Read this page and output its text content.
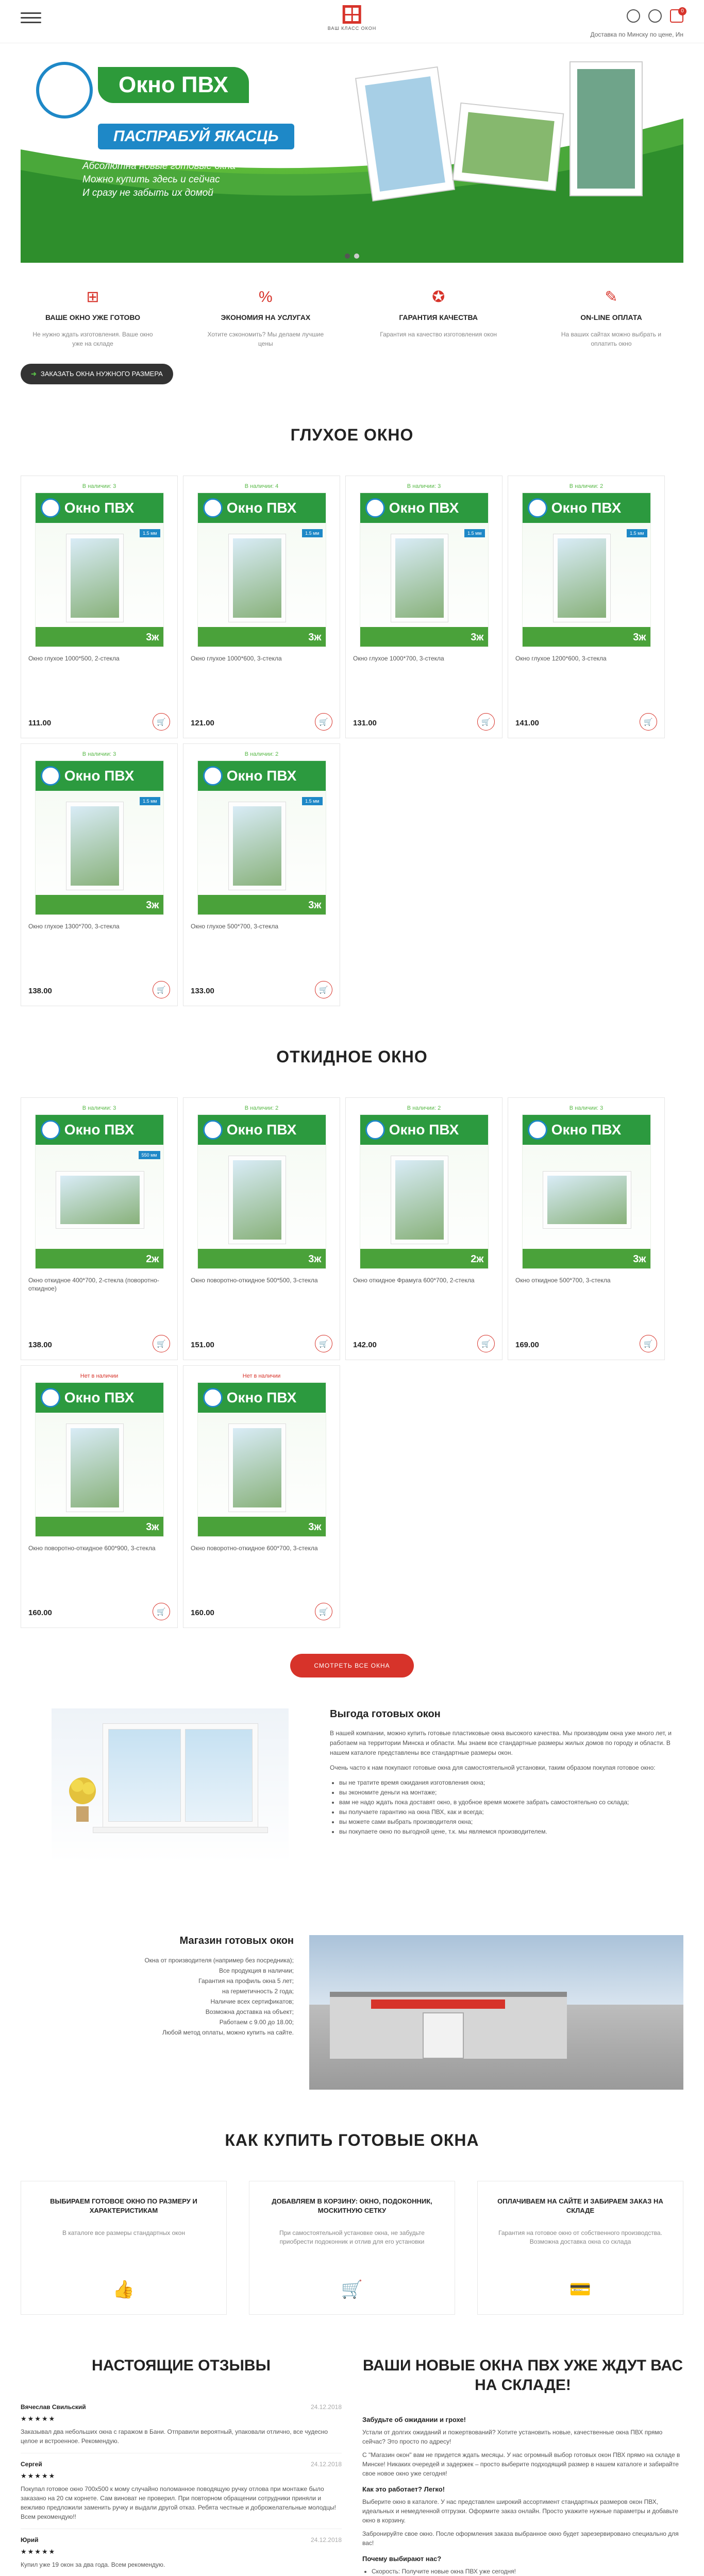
ВАШ КЛАСС ОКОН
0
Доставка по Минску по цене, Ин
Окно ПВХ
ПАСПРАБУЙ ЯКАСЦЬ
Абсолютна новые готовые окна
Можно купить здесь и сейчас
И сразу не забыть их домой
⊞
ВАШЕ ОКНО УЖЕ ГОТОВО

Не нужно ждать изготовления. Ваше окно уже на складе

%
ЭКОНОМИЯ НА УСЛУГАХ

Хотите сэкономить? Мы делаем лучшие цены

✪
ГАРАНТИЯ КАЧЕСТВА

Гарантия на качество изготовления окон

✎
ON-LINE ОПЛАТА

На ваших сайтах можно выбрать и оплатить окно

➜ ЗАКАЗАТЬ ОКНА НУЖНОГО РАЗМЕРА
ГЛУХОЕ ОКНО
В наличии: 3
Окно ПВХ
1.5 мм
3ж
Окно глухое 1000*500, 2-стекла
111.00	🛒
В наличии: 4
Окно ПВХ
1.5 мм
3ж
Окно глухое 1000*600, 3-стекла
121.00	🛒
В наличии: 3
Окно ПВХ
1.5 мм
3ж
Окно глухое 1000*700, 3-стекла
131.00	🛒
В наличии: 2
Окно ПВХ
1.5 мм
3ж
Окно глухое 1200*600, 3-стекла
141.00	🛒
В наличии: 3
Окно ПВХ
1.5 мм
3ж
Окно глухое 1300*700, 3-стекла
138.00	🛒
В наличии: 2
Окно ПВХ
1.5 мм
3ж
Окно глухое 500*700, 3-стекла
133.00	🛒
ОТКИДНОЕ ОКНО
В наличии: 3
Окно ПВХ
550 мм
2ж
Окно откидное 400*700, 2-стекла (поворотно-откидное)
138.00	🛒
В наличии: 2
Окно ПВХ
3ж
Окно поворотно-откидное 500*500, 3-стекла
151.00	🛒
В наличии: 2
Окно ПВХ
2ж
Окно откидное Фрамуга 600*700, 2-стекла
142.00	🛒
В наличии: 3
Окно ПВХ
3ж
Окно откидное 500*700, 3-стекла
169.00	🛒
Нет в наличии
Окно ПВХ
3ж
Окно поворотно-откидное 600*900, 3-стекла
160.00	🛒
Нет в наличии
Окно ПВХ
3ж
Окно поворотно-откидное 600*700, 3-стекла
160.00	🛒
СМОТРЕТЬ ВСЕ ОКНА
Выгода готовых окон

В нашей компании, можно купить готовые пластиковые окна высокого качества. Мы производим окна уже много лет, и работаем на территории Минска и области. Мы знаем все стандартные размеры жилых домов по городу и области. В нашем каталоге представлены все стандартные размеры окон.

Очень часто к нам покупают готовые окна для самостоятельной установки, таким образом покупая готовое окно:

• вы не тратите время ожидания изготовления окна;
• вы экономите деньги на монтаже;
• вам не надо ждать пока доставят окно, в удобное время можете забрать самостоятельно со склада;
• вы получаете гарантию на окна ПВХ, как и всегда;
• вы можете сами выбрать производителя окна;
• вы покупаете окно по выгодной цене, т.к. мы являемся производителем.
Магазин готовых окон

Окна от производителя (например без посредника);

Все продукция в наличии;

Гарантия на профиль окна 5 лет;

на герметичность 2 года;

Наличие всех сертификатов;

Возможна доставка на объект;

Работаем с 9.00 до 18.00;

Любой метод оплаты, можно купить на сайте.

КАК КУПИТЬ ГОТОВЫЕ ОКНА
ВЫБИРАЕМ ГОТОВОЕ ОКНО ПО РАЗМЕРУ И ХАРАКТЕРИСТИКАМ

В каталоге все размеры стандартных окон

👍
ДОБАВЛЯЕМ В КОРЗИНУ: ОКНО, ПОДОКОННИК, МОСКИТНУЮ СЕТКУ

При самостоятельной установке окна, не забудьте приобрести подоконник и отлив для его установки

🛒
ОПЛАЧИВАЕМ НА САЙТЕ И ЗАБИРАЕМ ЗАКАЗ НА СКЛАДЕ

Гарантия на готовое окно от собственного производства. Возможна доставка окна со склада

💳
НАСТОЯЩИЕ ОТЗЫВЫ
Вячеслав Свильский	24.12.2018
★★★★★

Заказывал два небольших окна с гаражом в Бани. Отправили вероятный, упаковали отлично, все чудесно целое и встроенное. Рекомендую.

Сергей	24.12.2018
★★★★★

Покупал готовое окно 700х500 к мому случайно поломанное поводящую ручку отлова при монтаже было заказано на 20 см корнете. Сам виноват не проверил. При повторном обращении сотрудники приняли и вежливо предложили заменить ручку и выдали другой отказ. Ребята честные и доброжелательные молодцы! Всем рекомендую!!

Юрий	24.12.2018
★★★★★

Купил уже 19 окон за два года. Всем рекомендую.

ВАШИ НОВЫЕ ОКНА ПВХ УЖЕ ЖДУТ ВАС НА СКЛАДЕ!
Забудьте об ожидании и грохе!

Устали от долгих ожиданий и пожертвований? Хотите установить новые, качественные окна ПВХ прямо сейчас? Это просто по адресу!

С "Магазин окон" вам не придется ждать месяцы. У нас огромный выбор готовых окон ПВХ прямо на складе в Минске! Никаких очередей и задержек – просто выберите подходящий размер в нашем каталоге и забирайте свое новое окно уже сегодня!

Как это работает? Легко!

Выберите окно в каталоге. У нас представлен широкий ассортимент стандартных размеров окон ПВХ, идеальных и немедленной отгрузки. Оформите заказ онлайн. Просто укажите нужные параметры и добавьте окно в корзину.

Забронируйте свое окно. После оформления заказа выбранное окно будет зарезервировано специально для вас!

Почему выбирают нас?
• Скорость: Получите новые окна ПВХ уже сегодня!
